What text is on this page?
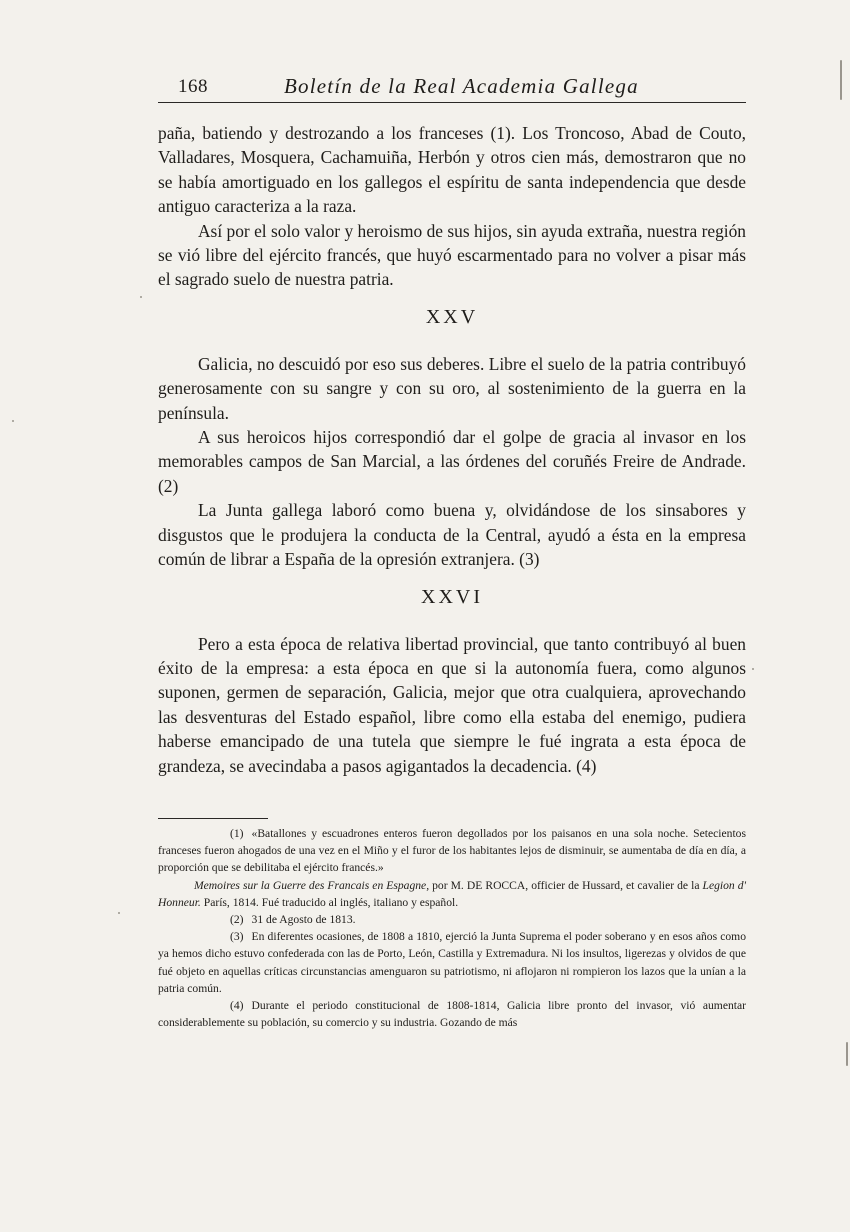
168	Boletín de la Real Academia Gallega

paña, batiendo y destrozando a los franceses (1). Los Troncoso, Abad de Couto, Valladares, Mosquera, Cachamuiña, Herbón y otros cien más, demostraron que no se había amortiguado en los gallegos el espíritu de santa independencia que desde antiguo caracteriza a la raza.

Así por el solo valor y heroismo de sus hijos, sin ayuda extraña, nuestra región se vió libre del ejército francés, que huyó escarmentado para no volver a pisar más el sagrado suelo de nuestra patria.

XXV

Galicia, no descuidó por eso sus deberes. Libre el suelo de la patria contribuyó generosamente con su sangre y con su oro, al sostenimiento de la guerra en la península.

A sus heroicos hijos correspondió dar el golpe de gracia al invasor en los memorables campos de San Marcial, a las órdenes del coruñés Freire de Andrade. (2)

La Junta gallega laboró como buena y, olvidándose de los sinsabores y disgustos que le produjera la conducta de la Central, ayudó a ésta en la empresa común de librar a España de la opresión extranjera. (3)

XXVI

Pero a esta época de relativa libertad provincial, que tanto contribuyó al buen éxito de la empresa: a esta época en que si la autonomía fuera, como algunos suponen, germen de separación, Galicia, mejor que otra cualquiera, aprovechando las desventuras del Estado español, libre como ella estaba del enemigo, pudiera haberse emancipado de una tutela que siempre le fué ingrata a esta época de grandeza, se avecindaba a pasos agigantados la decadencia. (4)

(1) «Batallones y escuadrones enteros fueron degollados por los paisanos en una sola noche. Setecientos franceses fueron ahogados de una vez en el Miño y el furor de los habitantes lejos de disminuir, se aumentaba de día en día, a proporción que se debilitaba el ejército francés.»

Memoires sur la Guerre des Francais en Espagne, por M. DE ROCCA, officier de Hussard, et cavalier de la Legion d' Honneur. París, 1814. Fué traducido al inglés, italiano y español.

(2) 31 de Agosto de 1813.

(3) En diferentes ocasiones, de 1808 a 1810, ejerció la Junta Suprema el poder soberano y en esos años como ya hemos dicho estuvo confederada con las de Porto, León, Castilla y Extremadura. Ni los insultos, ligerezas y olvidos de que fué objeto en aquellas críticas circunstancias amenguaron su patriotismo, ni aflojaron ni rompieron los lazos que la unían a la patria común.

(4) Durante el periodo constitucional de 1808-1814, Galicia libre pronto del invasor, vió aumentar considerablemente su población, su comercio y su industria. Gozando de más
